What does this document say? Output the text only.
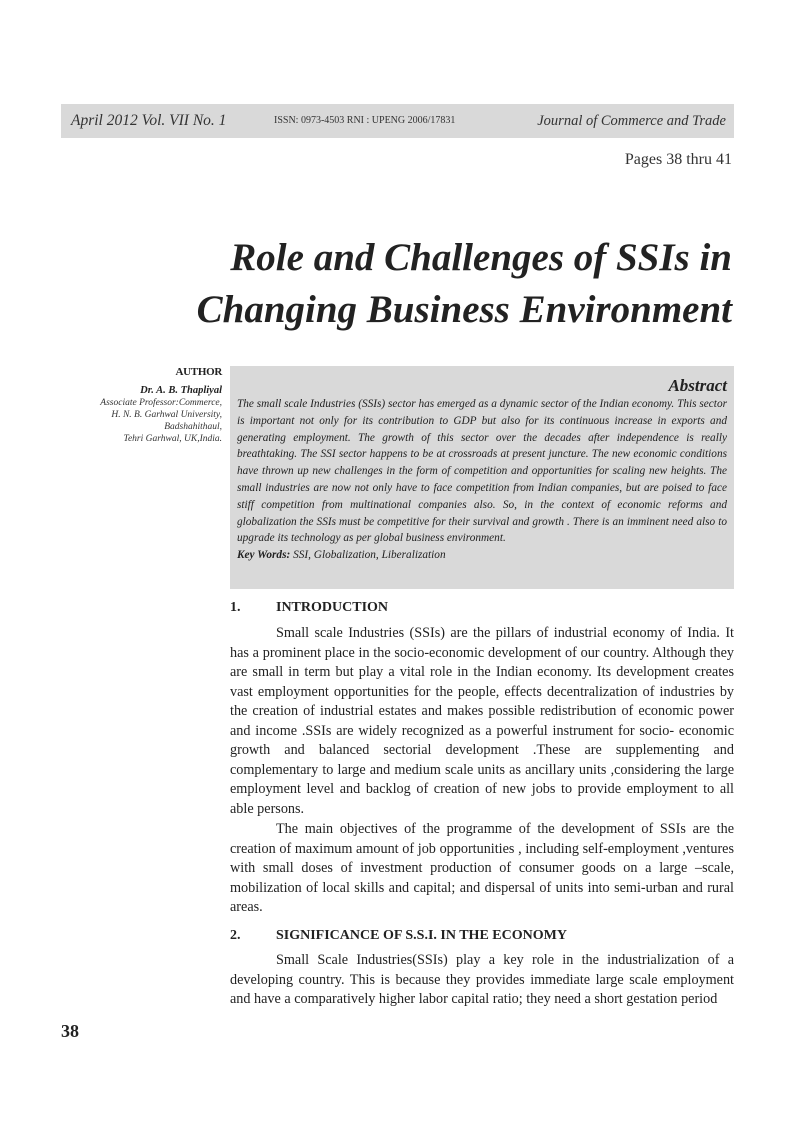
April 2012 Vol. VII No. 1	ISSN: 0973-4503 RNI : UPENG 2006/17831	Journal of Commerce and Trade
Pages 38 thru 41
Role and Challenges of SSIs in Changing Business Environment
AUTHOR
Dr. A. B. Thapliyal
Associate Professor:Commerce,
H. N. B. Garhwal University,
Badshahithaul,
Tehri Garhwal, UK,India.
Abstract
The small scale Industries (SSIs) sector has emerged as a dynamic sector of the Indian economy. This sector is important not only for its contribution to GDP but also for its continuous increase in exports and generating employment. The growth of this sector over the decades after independence is really breathtaking. The SSI sector happens to be at crossroads at present juncture. The new economic conditions have thrown up new challenges in the form of competition and opportunities for scaling new heights. The small industries are now not only have to face competition from Indian companies, but are poised to face stiff competition from multinational companies also. So, in the context of economic reforms and globalization the SSIs must be competitive for their survival and growth . There is an imminent need also to upgrade its technology as per global business environment.
Key Words: SSI, Globalization, Liberalization
1.	INTRODUCTION

Small scale Industries (SSIs) are the pillars of industrial economy of India. It has a prominent place in the socio-economic development of our country. Although they are small in term but play a vital role in the Indian economy. Its development creates vast employment opportunities for the people, effects decentralization of industries by the creation of industrial estates and makes possible redistribution of economic power and income .SSIs are widely recognized as a powerful instrument for socio- economic growth and balanced sectorial development .These are supplementing and complementary to large and medium scale units as ancillary units ,considering the large employment level and backlog of creation of new jobs to provide employment to all able persons.

The main objectives of the programme of the development of SSIs are the creation of maximum amount of job opportunities , including self-employment ,ventures with small doses of investment production of consumer goods on a large –scale, mobilization of local skills and capital; and dispersal of units into semi-urban and rural areas.

2.	SIGNIFICANCE OF S.S.I. IN THE ECONOMY

Small Scale Industries(SSIs) play a key role in the industrialization of a developing country. This is because they provides immediate large scale employment and have a comparatively higher labor capital ratio; they need a short gestation period

38
